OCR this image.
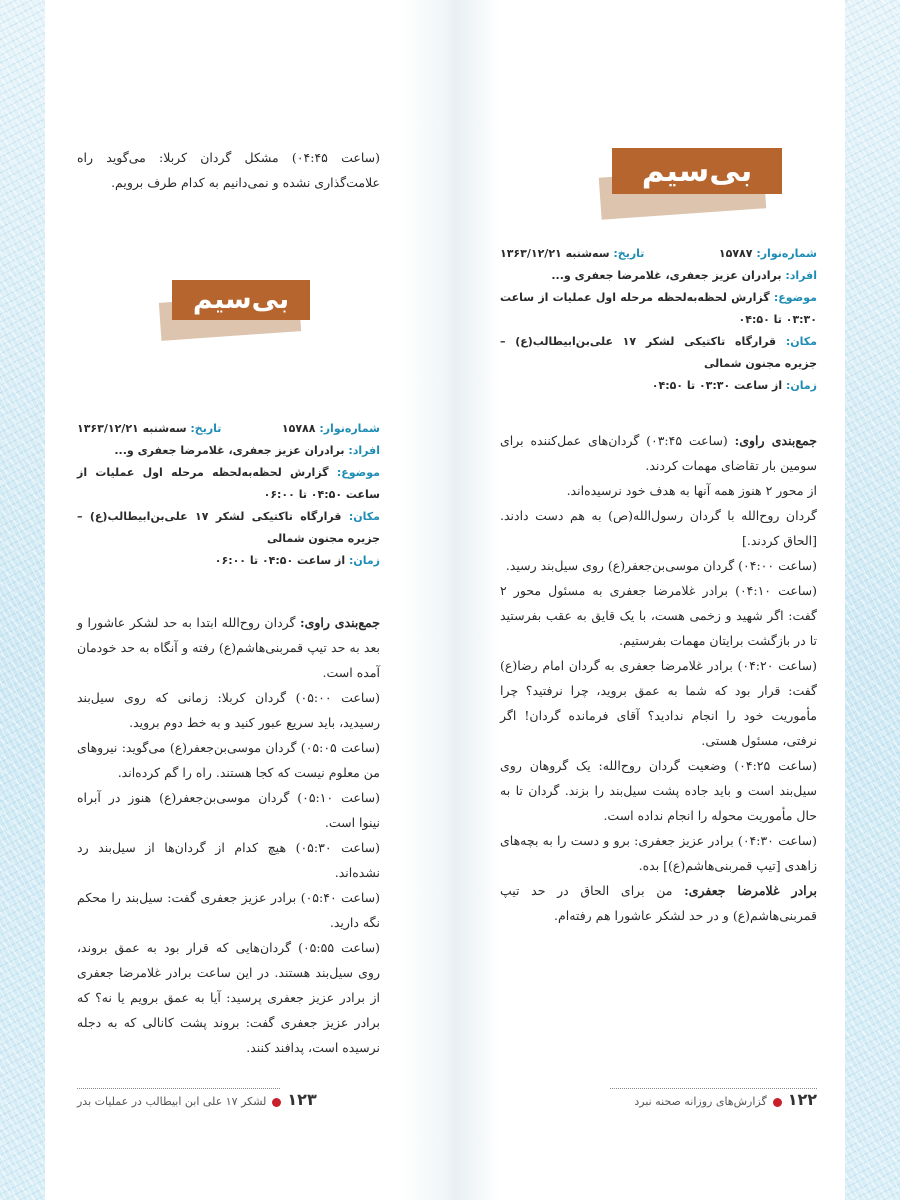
(ساعت ۰۴:۴۵) مشکل گردان کربلا: می‌گوید راه علامت‌گذاری نشده و نمی‌دانیم به کدام طرف برویم.

بی‌سیم
شماره‌نوار: ۱۵۷۸۸
تاریخ: سه‌شنبه ۱۳۶۳/۱۲/۲۱
افراد: برادران عزیز جعفری، غلامرضا جعفری و...
موضوع: گزارش لحظه‌به‌لحظه مرحله اول عملیات از ساعت ۰۴:۵۰ تا ۰۶:۰۰
مکان: قرارگاه تاکتیکی لشکر ۱۷ علی‌بن‌ابیطالب(ع) – جزیره مجنون شمالی
زمان: از ساعت ۰۴:۵۰ تا ۰۶:۰۰

جمع‌بندی راوی: گردان روح‌الله ابتدا به حد لشکر عاشورا و بعد به حد تیپ قمربنی‌هاشم(ع) رفته و آنگاه به حد خودمان آمده است.

(ساعت ۰۵:۰۰) گردان کربلا: زمانی که روی سیل‌بند رسیدید، باید سریع عبور کنید و به خط دوم بروید.

(ساعت ۰۵:۰۵) گردان موسی‌بن‌جعفر(ع) می‌گوید: نیروهای من معلوم نیست که کجا هستند. راه را گم کرده‌اند.

(ساعت ۰۵:۱۰) گردان موسی‌بن‌جعفر(ع) هنوز در آبراه نینوا است.

(ساعت ۰۵:۳۰) هیچ کدام از گردان‌ها از سیل‌بند رد نشده‌اند.

(ساعت ۰۵:۴۰) برادر عزیز جعفری گفت: سیل‌بند را محکم نگه دارید.

(ساعت ۰۵:۵۵) گردان‌هایی که قرار بود به عمق بروند، روی سیل‌بند هستند. در این ساعت برادر غلامرضا جعفری از برادر عزیز جعفری پرسید: آیا به عمق برویم یا نه؟ که برادر عزیز جعفری گفت: بروند پشت کانالی که به دجله نرسیده است، پدافند کنند.

۱۲۳لشکر ۱۷ علی ابن ابیطالب در عملیات بدر
بی‌سیم
شماره‌نوار: ۱۵۷۸۷
تاریخ: سه‌شنبه ۱۳۶۳/۱۲/۲۱
افراد: برادران عزیز جعفری، غلامرضا جعفری و...
موضوع: گزارش لحظه‌به‌لحظه مرحله اول عملیات از ساعت ۰۳:۳۰ تا ۰۴:۵۰
مکان: قرارگاه تاکتیکی لشکر ۱۷ علی‌بن‌ابیطالب(ع) – جزیره مجنون شمالی
زمان: از ساعت ۰۳:۳۰ تا ۰۴:۵۰

جمع‌بندی راوی: (ساعت ۰۳:۴۵) گردان‌های عمل‌کننده برای سومین بار تقاضای مهمات کردند.

از محور ۲ هنوز همه آنها به هدف خود نرسیده‌اند.

گردان روح‌الله با گردان رسول‌الله(ص) به هم دست دادند. [الحاق کردند.]

(ساعت ۰۴:۰۰) گردان موسی‌بن‌جعفر(ع) روی سیل‌بند رسید.

(ساعت ۰۴:۱۰) برادر غلامرضا جعفری به مسئول محور ۲ گفت: اگر شهید و زخمی هست، با یک قایق به عقب بفرستید تا در بازگشت برایتان مهمات بفرستیم.

(ساعت ۰۴:۲۰) برادر غلامرضا جعفری به گردان امام رضا(ع) گفت: قرار بود که شما به عمق بروید، چرا نرفتید؟ چرا مأموریت خود را انجام ندادید؟ آقای فرمانده گردان! اگر نرفتی، مسئول هستی.

(ساعت ۰۴:۲۵) وضعیت گردان روح‌الله: یک گروهان روی سیل‌بند است و باید جاده پشت سیل‌بند را بزند. گردان تا به حال مأموریت محوله را انجام نداده است.

(ساعت ۰۴:۳۰) برادر عزیز جعفری: برو و دست را به بچه‌های زاهدی [تیپ قمربنی‌هاشم(ع)] بده.

برادر غلامرضا جعفری: من برای الحاق در حد تیپ قمربنی‌هاشم(ع) و در حد لشکر عاشورا هم رفته‌ام.

۱۲۲گزارش‌های روزانه صحنه نبرد
